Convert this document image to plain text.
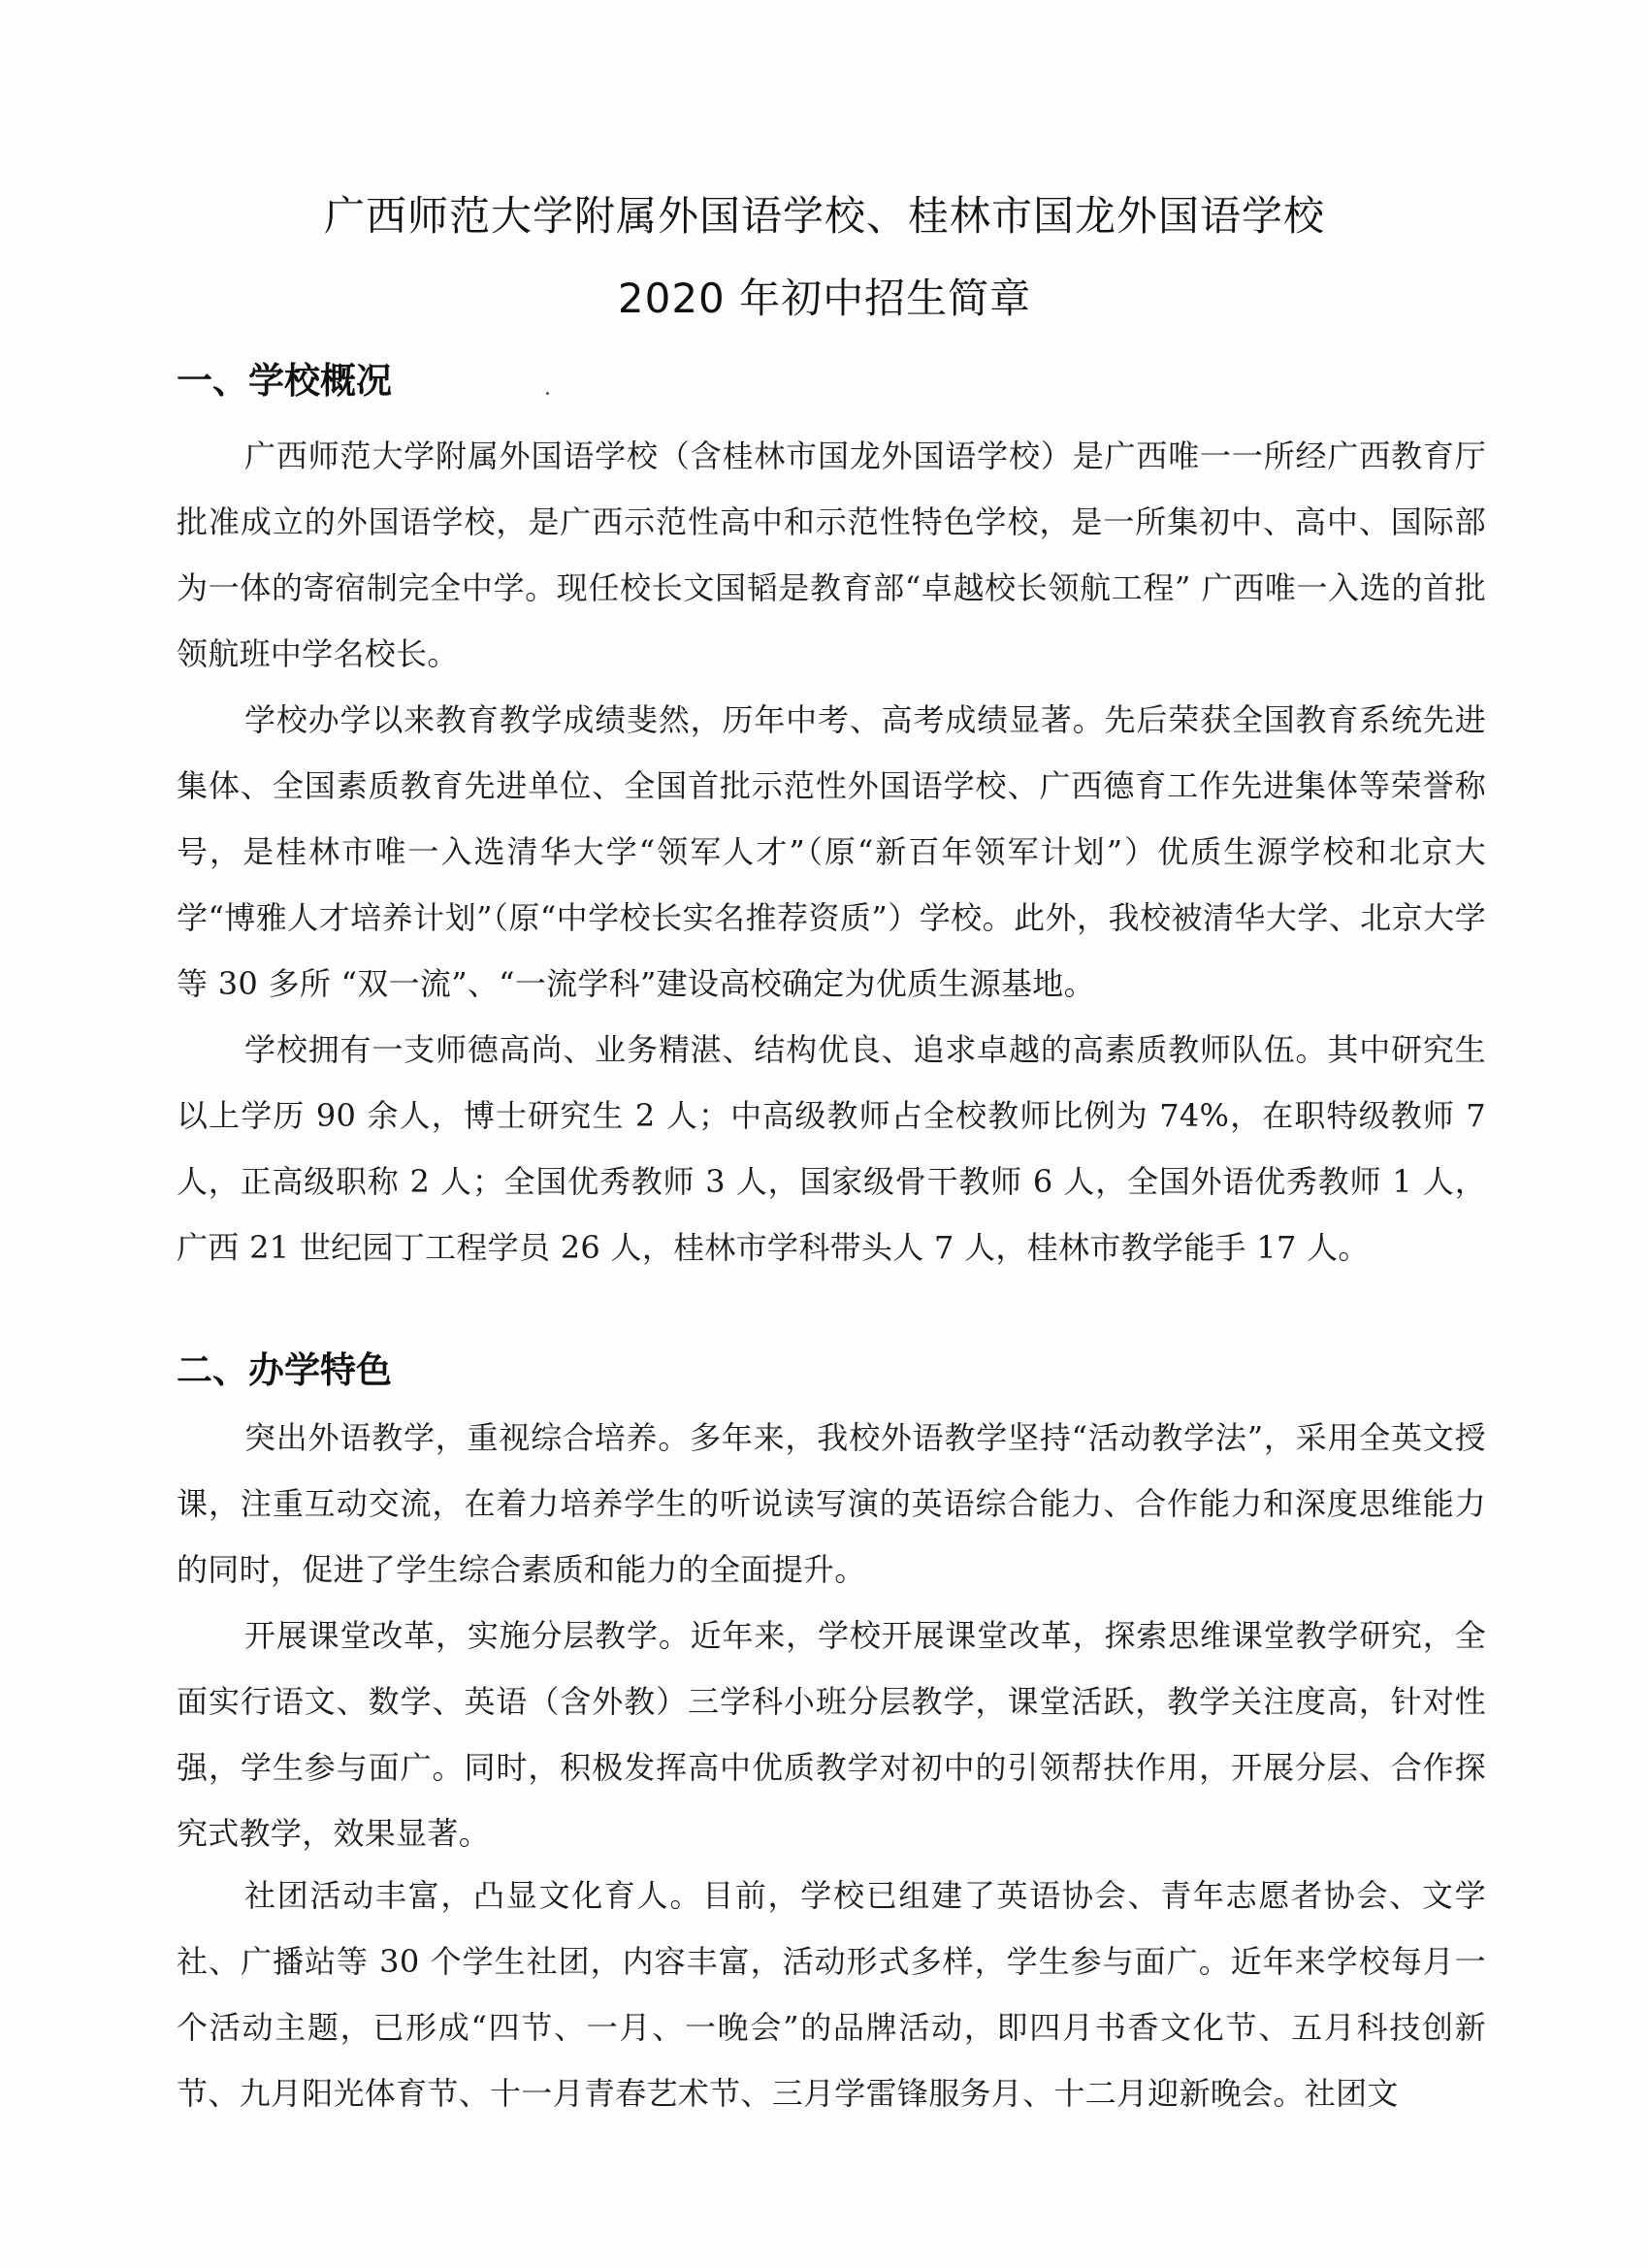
广西师范大学附属外国语学校、桂林市国龙外国语学校
2020 年初中招生简章
一、学校概况

广西师范大学附属外国语学校（含桂林市国龙外国语学校）是广西唯一一所经广西教育厅批准成立的外国语学校，是广西示范性高中和示范性特色学校，是一所集初中、高中、国际部为一体的寄宿制完全中学。现任校长文国韬是教育部“卓越校长领航工程” 广西唯一入选的首批领航班中学名校长。

学校办学以来教育教学成绩斐然，历年中考、高考成绩显著。先后荣获全国教育系统先进集体、全国素质教育先进单位、全国首批示范性外国语学校、广西德育工作先进集体等荣誉称号，是桂林市唯一入选清华大学“领军人才”（原“新百年领军计划”）优质生源学校和北京大学“博雅人才培养计划”（原“中学校长实名推荐资质”）学校。此外，我校被清华大学、北京大学等 30 多所 “双一流”、“一流学科”建设高校确定为优质生源基地。

学校拥有一支师德高尚、业务精湛、结构优良、追求卓越的高素质教师队伍。其中研究生以上学历 90 余人，博士研究生 2 人；中高级教师占全校教师比例为 74%，在职特级教师 7 人，正高级职称 2 人；全国优秀教师 3 人，国家级骨干教师 6 人，全国外语优秀教师 1 人，广西 21 世纪园丁工程学员 26 人，桂林市学科带头人 7 人，桂林市教学能手 17 人。

二、办学特色

突出外语教学，重视综合培养。多年来，我校外语教学坚持“活动教学法”，采用全英文授课，注重互动交流，在着力培养学生的听说读写演的英语综合能力、合作能力和深度思维能力的同时，促进了学生综合素质和能力的全面提升。

开展课堂改革，实施分层教学。近年来，学校开展课堂改革，探索思维课堂教学研究，全面实行语文、数学、英语（含外教）三学科小班分层教学，课堂活跃，教学关注度高，针对性强，学生参与面广。同时，积极发挥高中优质教学对初中的引领帮扶作用，开展分层、合作探究式教学，效果显著。

社团活动丰富，凸显文化育人。目前，学校已组建了英语协会、青年志愿者协会、文学社、广播站等 30 个学生社团，内容丰富，活动形式多样，学生参与面广。近年来学校每月一个活动主题，已形成“四节、一月、一晚会”的品牌活动，即四月书香文化节、五月科技创新节、九月阳光体育节、十一月青春艺术节、三月学雷锋服务月、十二月迎新晚会。社团文
